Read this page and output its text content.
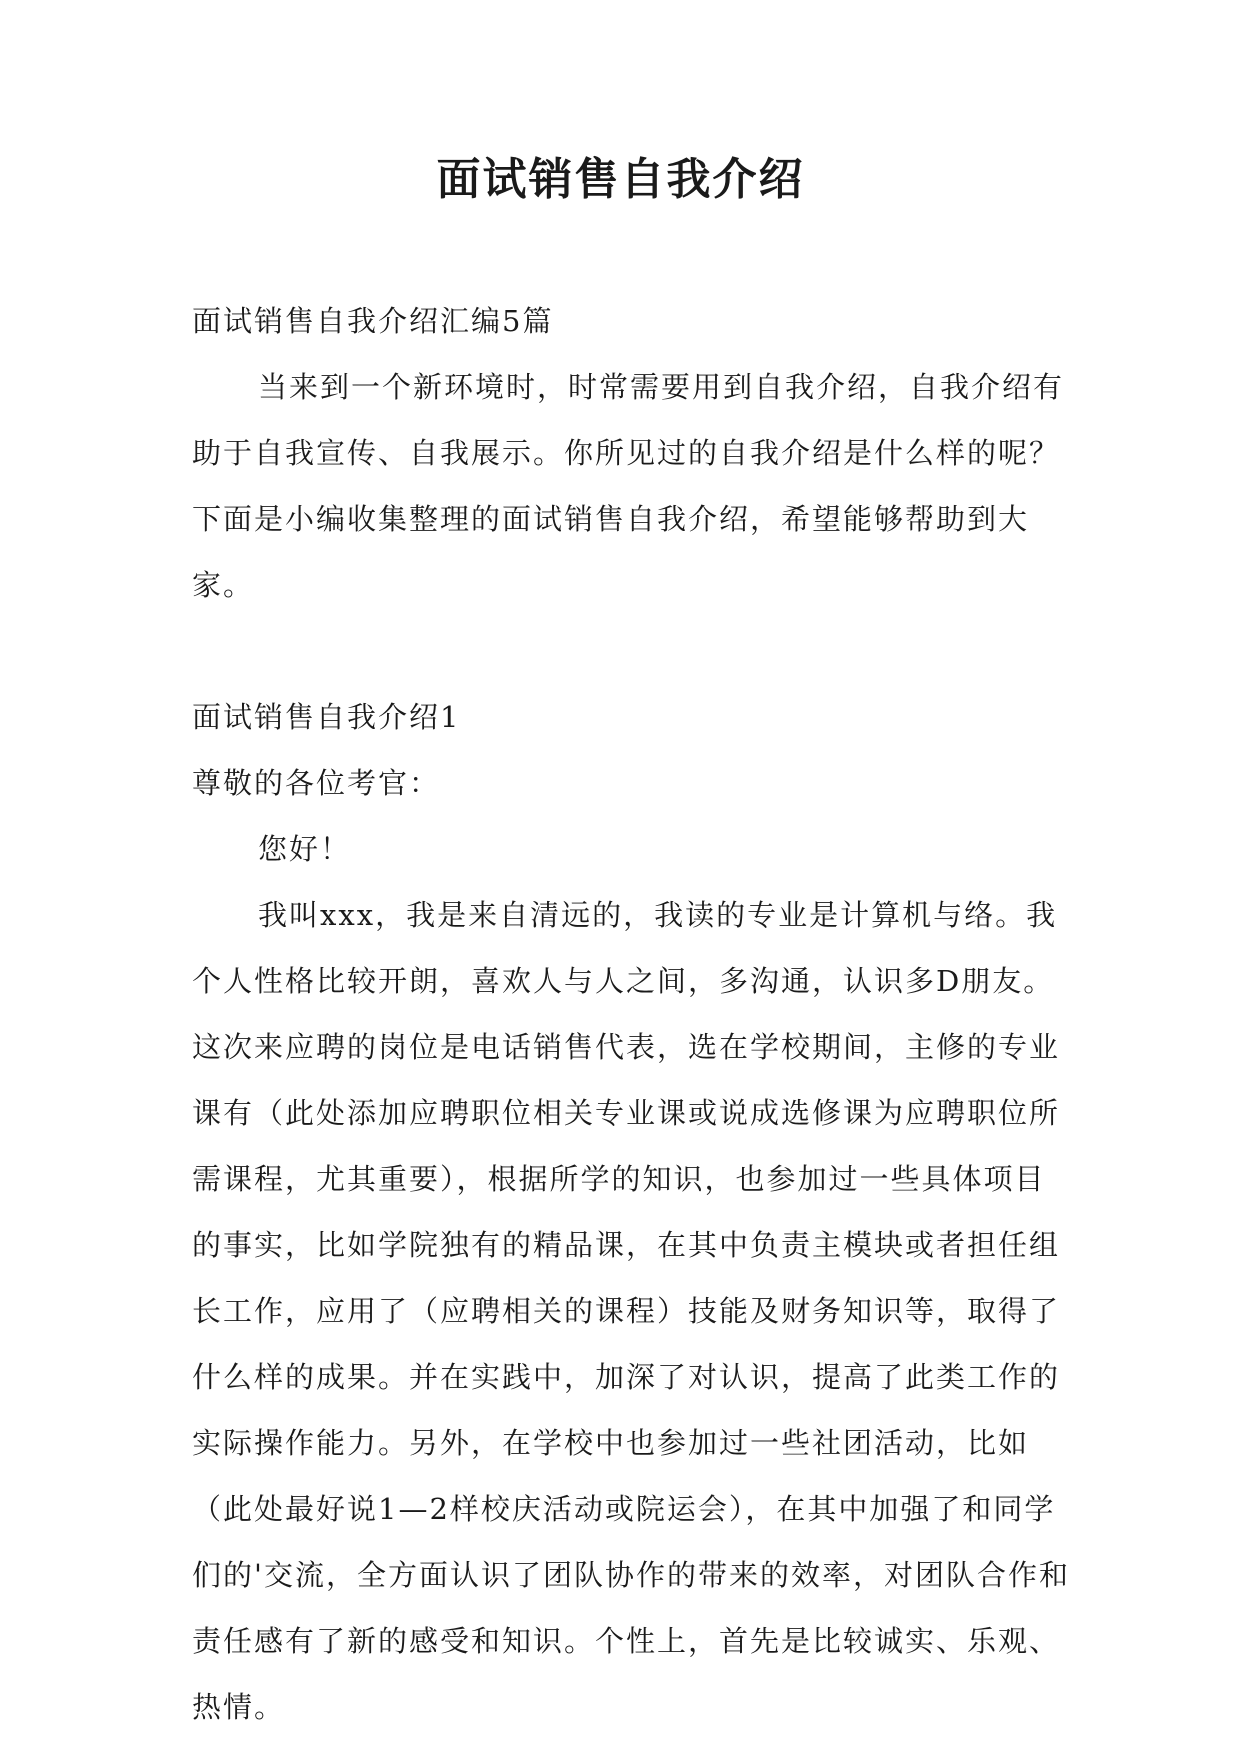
面试销售自我介绍

面试销售自我介绍汇编5篇

当来到一个新环境时，时常需要用到自我介绍，自我介绍有助于自我宣传、自我展示。你所见过的自我介绍是什么样的呢？下面是小编收集整理的面试销售自我介绍，希望能够帮助到大家。

面试销售自我介绍1

尊敬的各位考官：

您好！

我叫xxx，我是来自清远的，我读的专业是计算机与络。我个人性格比较开朗，喜欢人与人之间，多沟通，认识多D朋友。这次来应聘的岗位是电话销售代表，选在学校期间，主修的专业课有（此处添加应聘职位相关专业课或说成选修课为应聘职位所需课程，尤其重要），根据所学的知识，也参加过一些具体项目的事实，比如学院独有的精品课，在其中负责主模块或者担任组长工作，应用了（应聘相关的课程）技能及财务知识等，取得了什么样的成果。并在实践中，加深了对认识，提高了此类工作的实际操作能力。另外，在学校中也参加过一些社团活动，比如（此处最好说1—2样校庆活动或院运会），在其中加强了和同学们的'交流，全方面认识了团队协作的带来的效率，对团队合作和责任感有了新的感受和知识。个性上，首先是比较诚实、乐观、热情。
